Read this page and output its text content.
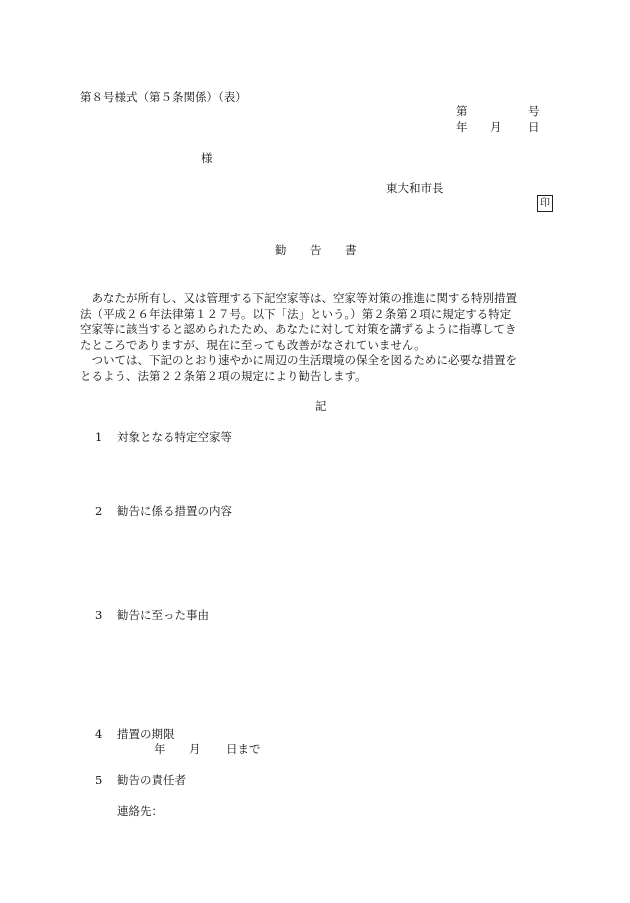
第８号様式（第５条関係）（表）
第	号
年 月 日
様
東大和市長
印
勧 告 書
　あなたが所有し、又は管理する下記空家等は、空家等対策の推進に関する特別措置
法（平成２６年法律第１２７号。以下「法」という。）第２条第２項に規定する特定
空家等に該当すると認められたため、あなたに対して対策を講ずるように指導してき
たところでありますが、現在に至っても改善がなされていません。
　ついては、下記のとおり速やかに周辺の生活環境の保全を図るために必要な措置を
とるよう、法第２２条第２項の規定により勧告します。
記
1 対象となる特定空家等
2 勧告に係る措置の内容
3 勧告に至った事由
4 措置の期限
年 月 日まで
5 勧告の責任者
連絡先：
